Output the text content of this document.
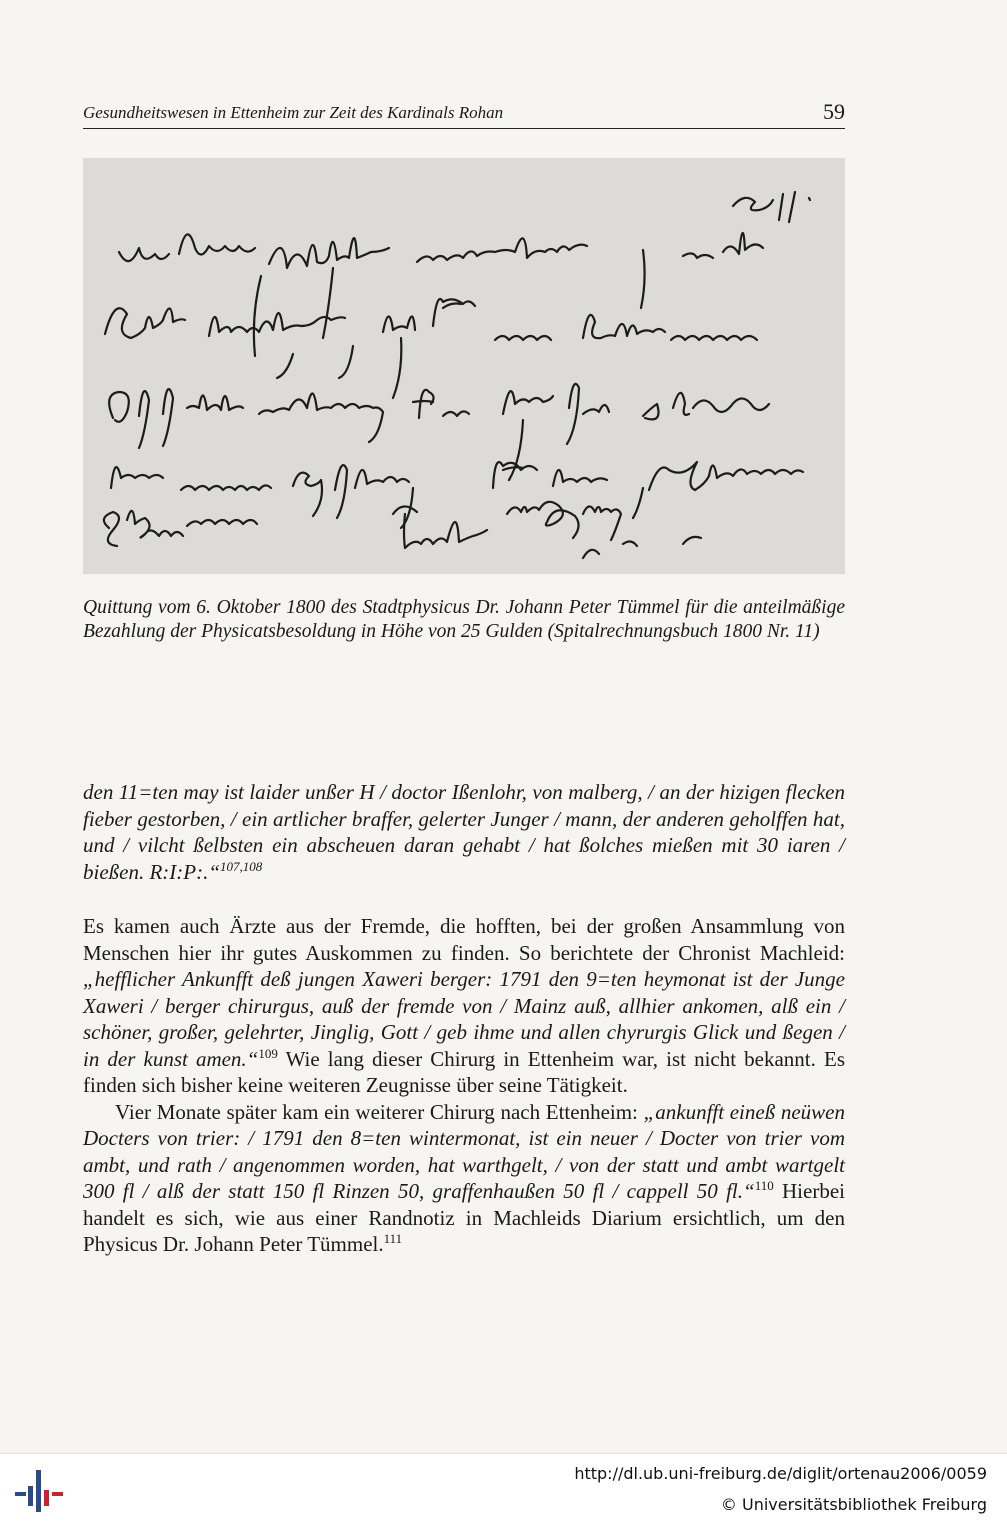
Gesundheitswesen in Ettenheim zur Zeit des Kardinals Rohan	59
Quittung vom 6. Oktober 1800 des Stadtphysicus Dr. Johann Peter Tümmel für die anteilmäßige Bezahlung der Physicatsbesoldung in Höhe von 25 Gulden (Spitalrechnungsbuch 1800 Nr. 11)
den 11=ten may ist laider unßer H / doctor Ißenlohr, von malberg, / an der hizigen flecken fieber gestorben, / ein artlicher braffer, gelerter Junger / mann, der anderen geholffen hat, und / vilcht ßelbsten ein abscheuen daran gehabt / hat ßolches mießen mit 30 iaren / bießen. R:I:P:.“$^{107,108}$

Es kamen auch Ärzte aus der Fremde, die hofften, bei der großen Ansammlung von Menschen hier ihr gutes Auskommen zu finden. So berichtete der Chronist Machleid: „hefflicher Ankunfft deß jungen Xaweri berger: 1791 den 9=ten heymonat ist der Junge Xaweri / berger chirurgus, auß der fremde von / Mainz auß, allhier ankomen, alß ein / schöner, großer, gelehrter, Jinglig, Gott / geb ihme und allen chyrurgis Glick und ßegen / in der kunst amen.“$^{109}$ Wie lang dieser Chirurg in Ettenheim war, ist nicht bekannt. Es finden sich bisher keine weiteren Zeugnisse über seine Tätigkeit.

Vier Monate später kam ein weiterer Chirurg nach Ettenheim: „ankunfft eineß neüwen Docters von trier: / 1791 den 8=ten wintermonat, ist ein neuer / Docter von trier vom ambt, und rath / angenommen worden, hat warthgelt, / von der statt und ambt wartgelt 300 fl / alß der statt 150 fl Rinzen 50, graffenhaußen 50 fl / cappell 50 fl.“$^{110}$ Hierbei handelt es sich, wie aus einer Randnotiz in Machleids Diarium ersichtlich, um den Physicus Dr. Johann Peter Tümmel.$^{111}$

http://dl.ub.uni-freiburg.de/diglit/ortenau2006/0059
© Universitätsbibliothek Freiburg
